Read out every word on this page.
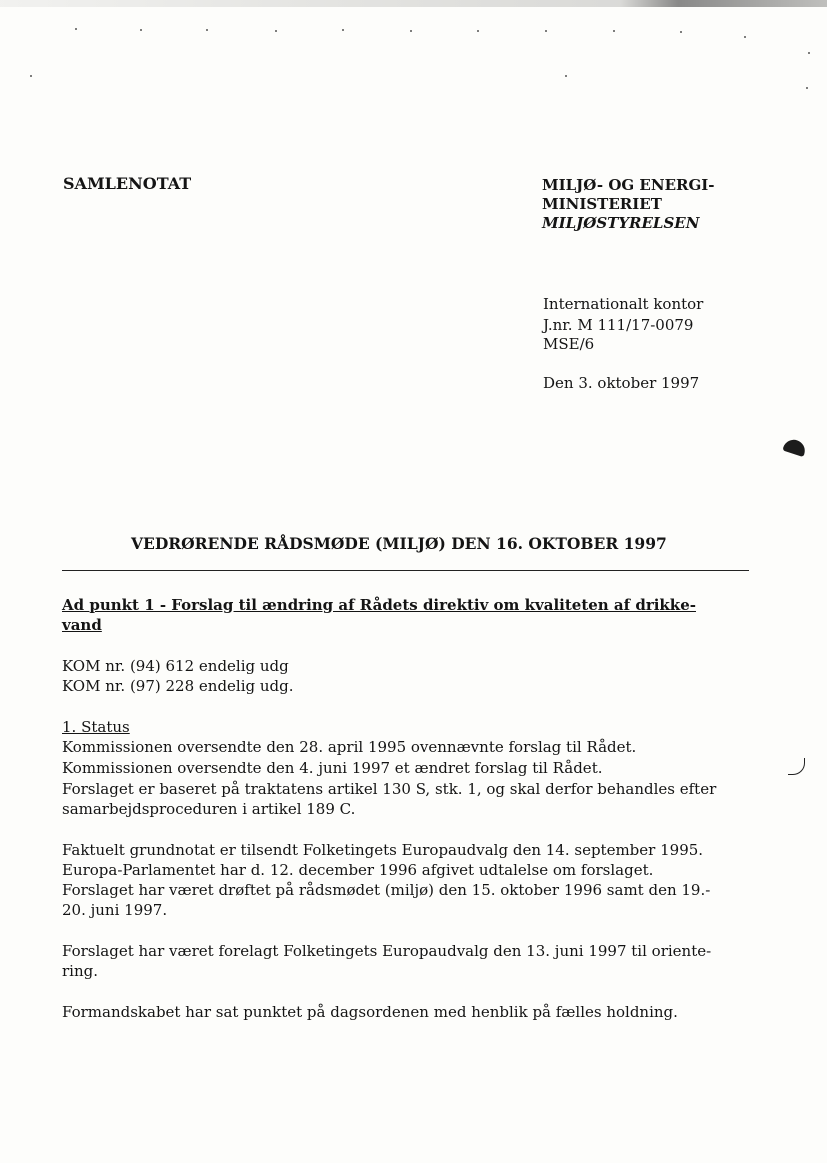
SAMLENOTAT	MILJØ- OG ENERGI-
MINISTERIET
MILJØSTYRELSEN
Internationalt kontor
J.nr. M 111/17-0079
MSE/6
Den 3. oktober 1997
VEDRØRENDE RÅDSMØDE (MILJØ) DEN 16. OKTOBER 1997
Ad punkt 1 - Forslag til ændring af Rådets direktiv om kvaliteten af drikke-
vand
KOM nr. (94) 612 endelig udg
KOM nr. (97) 228 endelig udg.
1. Status
Kommissionen oversendte den 28. april 1995 ovennævnte forslag til Rådet.
Kommissionen oversendte den 4. juni 1997 et ændret forslag til Rådet.
Forslaget er baseret på traktatens artikel 130 S, stk. 1, og skal derfor behandles efter
samarbejdsproceduren i artikel 189 C.
Faktuelt grundnotat er tilsendt Folketingets Europaudvalg den 14. september 1995.
Europa-Parlamentet har d. 12. december 1996 afgivet udtalelse om forslaget.
Forslaget har været drøftet på rådsmødet (miljø) den 15. oktober 1996 samt den 19.-
20. juni 1997.
Forslaget har været forelagt Folketingets Europaudvalg den 13. juni 1997 til oriente-
ring.
Formandskabet har sat punktet på dagsordenen med henblik på fælles holdning.
